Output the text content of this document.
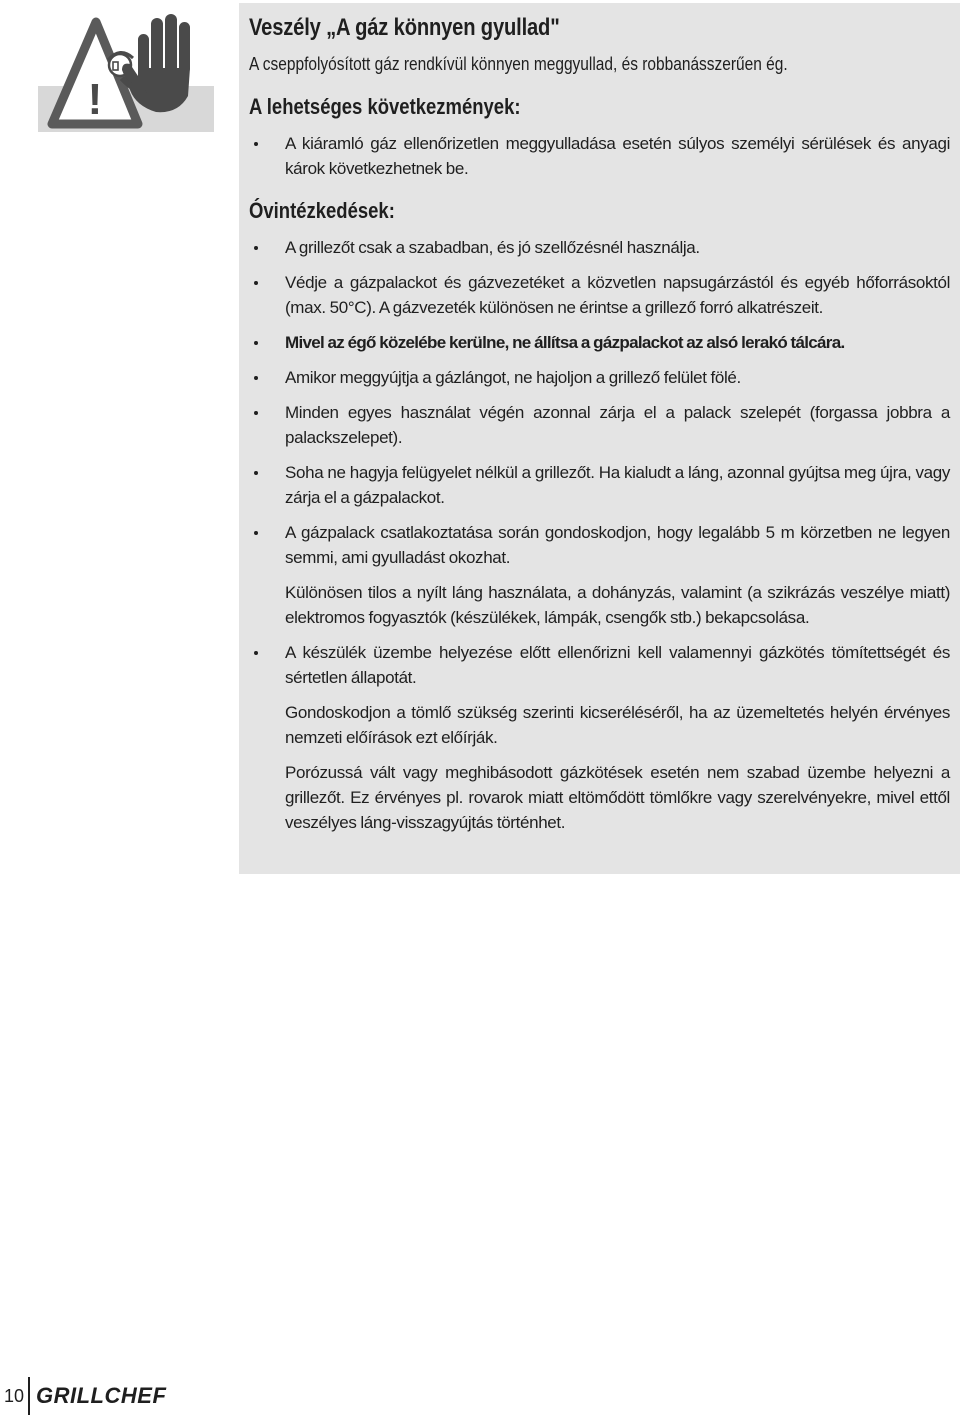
!
Veszély „A gáz könnyen gyullad"

A cseppfolyósított gáz rendkívül könnyen meggyullad, és robbanásszerűen ég.

A lehetséges következmények:
A kiáramló gáz ellenőrizetlen meggyulladása esetén súlyos személyi sérülések és anyagi károk következhetnek be.
Óvintézkedések:
A grillezőt csak a szabadban, és jó szellőzésnél használja.
Védje a gázpalackot és gázvezetéket a közvetlen napsugárzástól és egyéb hőforrásoktól (max. 50°C). A gázvezeték különösen ne érintse a grillező forró alkatrészeit.
Mivel az égő közelébe kerülne, ne állítsa a gázpalackot az alsó lerakó tálcára.
Amikor meggyújtja a gázlángot, ne hajoljon a grillező felület fölé.
Minden egyes használat végén azonnal zárja el a palack szelepét (forgassa jobbra a palackszelepet).
Soha ne hagyja felügyelet nélkül a grillezőt. Ha kialudt a láng, azonnal gyújtsa meg újra, vagy zárja el a gázpalackot.
A gázpalack csatlakoztatása során gondoskodjon, hogy legalább 5 m körzetben ne legyen semmi, ami gyulladást okozhat.

Különösen tilos a nyílt láng használata, a dohányzás, valamint (a szikrázás veszélye miatt) elektromos fogyasztók (készülékek, lámpák, csengők stb.) bekapcsolása.

A készülék üzembe helyezése előtt ellenőrizni kell valamennyi gázkötés tömítettségét és sértetlen állapotát.

Gondoskodjon a tömlő szükség szerinti kicseréléséről, ha az üzemeltetés helyén érvényes nemzeti előírások ezt előírják.

Porózussá vált vagy meghibásodott gázkötések esetén nem szabad üzembe helyezni a grillezőt. Ez érvényes pl. rovarok miatt eltömődött tömlőkre vagy szerelvényekre, mivel ettől veszélyes láng-visszagyújtás történhet.

10 GRILLCHEF
